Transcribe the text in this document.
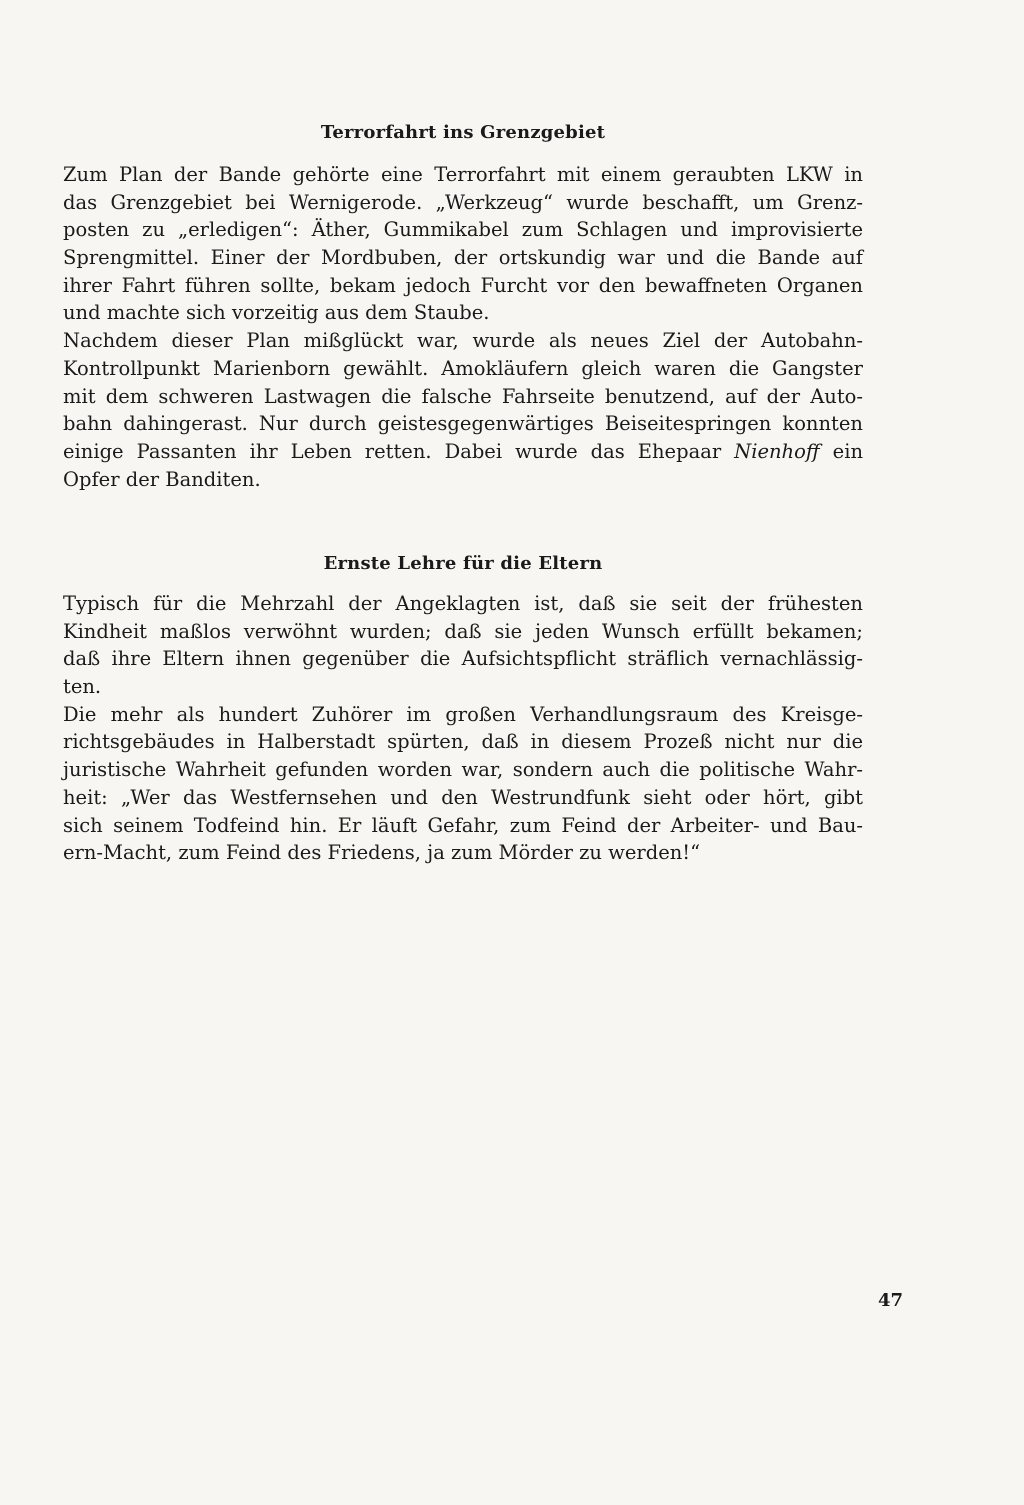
Terrorfahrt ins Grenzgebiet
Zum Plan der Bande gehörte eine Terrorfahrt mit einem geraubten LKW in
das Grenzgebiet bei Wernigerode. „Werkzeug“ wurde beschafft, um Grenz-
posten zu „erledigen“: Äther, Gummikabel zum Schlagen und improvisierte
Sprengmittel. Einer der Mordbuben, der ortskundig war und die Bande auf
ihrer Fahrt führen sollte, bekam jedoch Furcht vor den bewaffneten Organen
und machte sich vorzeitig aus dem Staube.
Nachdem dieser Plan mißglückt war, wurde als neues Ziel der Autobahn-
Kontrollpunkt Marienborn gewählt. Amokläufern gleich waren die Gangster
mit dem schweren Lastwagen die falsche Fahrseite benutzend, auf der Auto-
bahn dahingerast. Nur durch geistesgegenwärtiges Beiseitespringen konnten
einige Passanten ihr Leben retten. Dabei wurde das Ehepaar Nienhoff ein
Opfer der Banditen.
Ernste Lehre für die Eltern
Typisch für die Mehrzahl der Angeklagten ist, daß sie seit der frühesten
Kindheit maßlos verwöhnt wurden; daß sie jeden Wunsch erfüllt bekamen;
daß ihre Eltern ihnen gegenüber die Aufsichtspflicht sträflich vernachlässig-
ten.
Die mehr als hundert Zuhörer im großen Verhandlungsraum des Kreisge-
richtsgebäudes in Halberstadt spürten, daß in diesem Prozeß nicht nur die
juristische Wahrheit gefunden worden war, sondern auch die politische Wahr-
heit: „Wer das Westfernsehen und den Westrundfunk sieht oder hört, gibt
sich seinem Todfeind hin. Er läuft Gefahr, zum Feind der Arbeiter- und Bau-
ern-Macht, zum Feind des Friedens, ja zum Mörder zu werden!“
47
